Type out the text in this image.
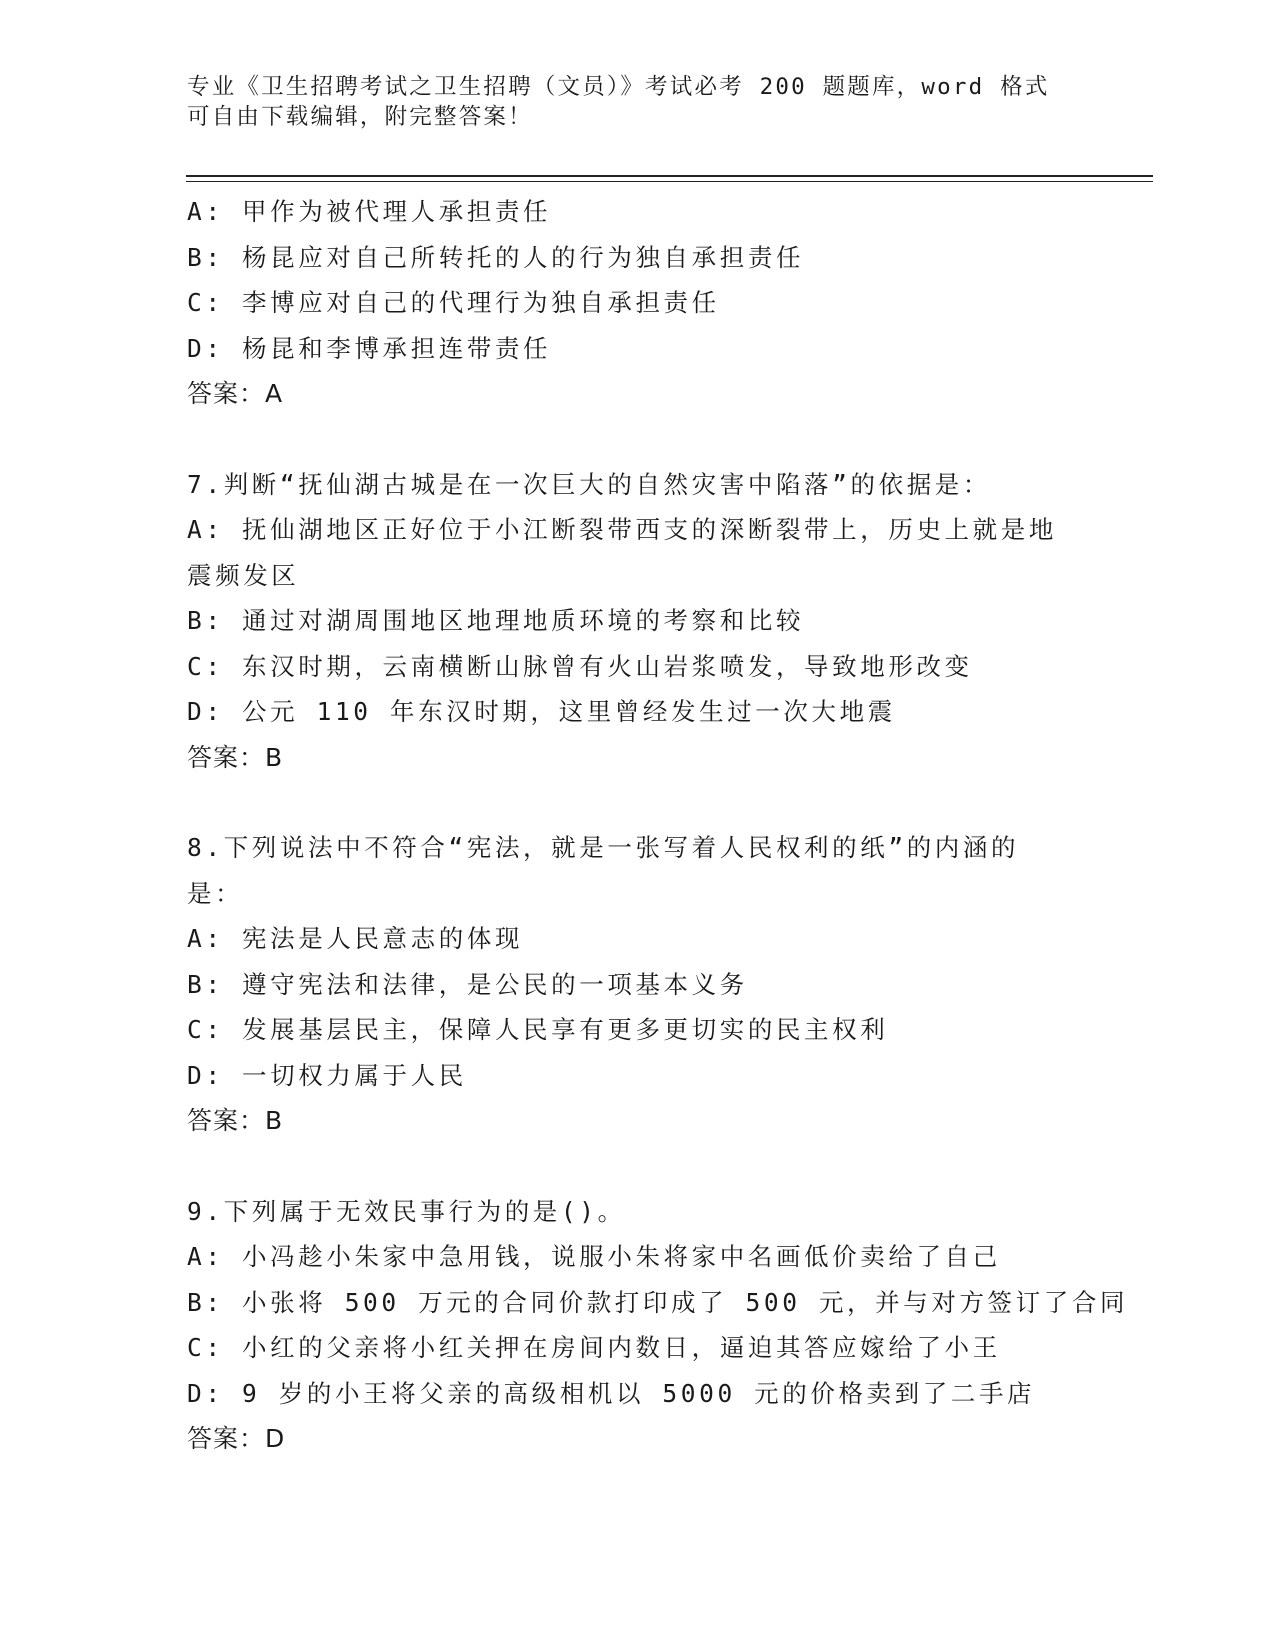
专业《卫生招聘考试之卫生招聘（文员）》考试必考 200 题题库，word 格式可自由下载编辑，附完整答案！
A: 甲作为被代理人承担责任
B: 杨昆应对自己所转托的人的行为独自承担责任
C: 李博应对自己的代理行为独自承担责任
D: 杨昆和李博承担连带责任
答案：A
7.判断“抚仙湖古城是在一次巨大的自然灾害中陷落”的依据是：
A: 抚仙湖地区正好位于小江断裂带西支的深断裂带上，历史上就是地
震频发区
B: 通过对湖周围地区地理地质环境的考察和比较
C: 东汉时期，云南横断山脉曾有火山岩浆喷发，导致地形改变
D: 公元 110 年东汉时期，这里曾经发生过一次大地震
答案：B
8.下列说法中不符合“宪法，就是一张写着人民权利的纸”的内涵的
是：
A: 宪法是人民意志的体现
B: 遵守宪法和法律，是公民的一项基本义务
C: 发展基层民主，保障人民享有更多更切实的民主权利
D: 一切权力属于人民
答案：B
9.下列属于无效民事行为的是()。
A: 小冯趁小朱家中急用钱，说服小朱将家中名画低价卖给了自己
B: 小张将 500 万元的合同价款打印成了 500 元，并与对方签订了合同
C: 小红的父亲将小红关押在房间内数日，逼迫其答应嫁给了小王
D: 9 岁的小王将父亲的高级相机以 5000 元的价格卖到了二手店
答案：D
